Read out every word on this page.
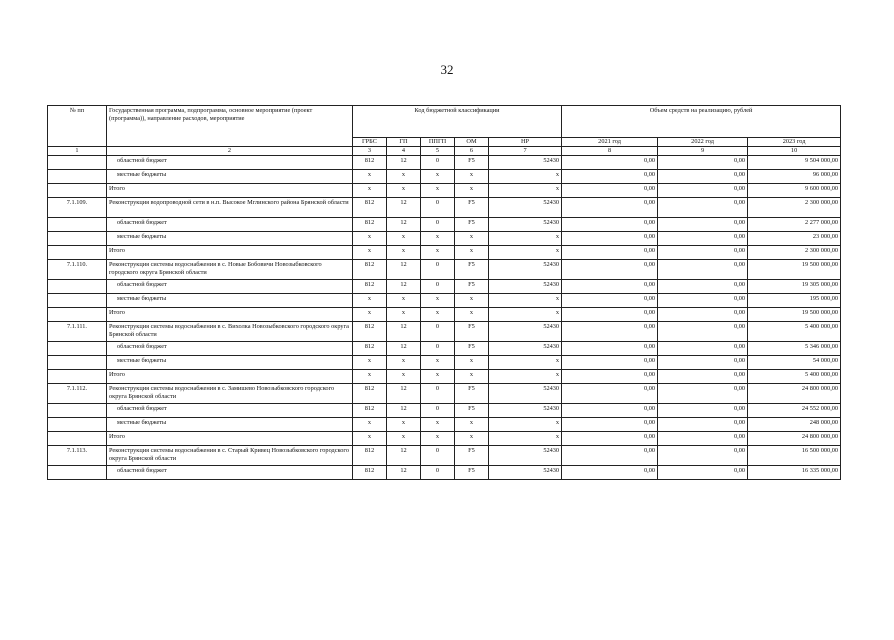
32
№ пп	Государственная программа, подпрограмма, основное мероприятие (проект (программа)), направление расходов, мероприятие	Код бюджетной классификации					Объем средств на реализацию, рублей		
		ГРБС	ГП	ППГП	ОМ	НР	2021 год	2022 год	2023 год
1	2	3	4	5	6	7	8	9	10
	областной бюджет	812	12	0	F5	52430	0,00	0,00	9 504 000,00
	местные бюджеты	х	х	х	х	х	0,00	0,00	96 000,00
	Итого	х	х	х	х	х	0,00	0,00	9 600 000,00
7.1.109.	Реконструкция водопроводной сети в н.п. Высокое Мглинского района Брянской области	812	12	0	F5	52430	0,00	0,00	2 300 000,00
	областной бюджет	812	12	0	F5	52430	0,00	0,00	2 277 000,00
	местные бюджеты	х	х	х	х	х	0,00	0,00	23 000,00
	Итого	х	х	х	х	х	0,00	0,00	2 300 000,00
7.1.110.	Реконструкция системы водоснабжения в с. Новые Бобовичи Новозыбковского городского округа Брянской области	812	12	0	F5	52430	0,00	0,00	19 500 000,00
	областной бюджет	812	12	0	F5	52430	0,00	0,00	19 305 000,00
	местные бюджеты	х	х	х	х	х	0,00	0,00	195 000,00
	Итого	х	х	х	х	х	0,00	0,00	19 500 000,00
7.1.111.	Реконструкция системы водоснабжения в с. Вихолка Новозыбковского городского округа Брянской области	812	12	0	F5	52430	0,00	0,00	5 400 000,00
	областной бюджет	812	12	0	F5	52430	0,00	0,00	5 346 000,00
	местные бюджеты	х	х	х	х	х	0,00	0,00	54 000,00
	Итого	х	х	х	х	х	0,00	0,00	5 400 000,00
7.1.112.	Реконструкция системы водоснабжения в с. Замишево Новозыбковского городского округа Брянской области	812	12	0	F5	52430	0,00	0,00	24 800 000,00
	областной бюджет	812	12	0	F5	52430	0,00	0,00	24 552 000,00
	местные бюджеты	х	х	х	х	х	0,00	0,00	248 000,00
	Итого	х	х	х	х	х	0,00	0,00	24 800 000,00
7.1.113.	Реконструкция системы водоснабжения в с. Старый Кривец Новозыбковского городского округа Брянской области	812	12	0	F5	52430	0,00	0,00	16 500 000,00
	областной бюджет	812	12	0	F5	52430	0,00	0,00	16 335 000,00
